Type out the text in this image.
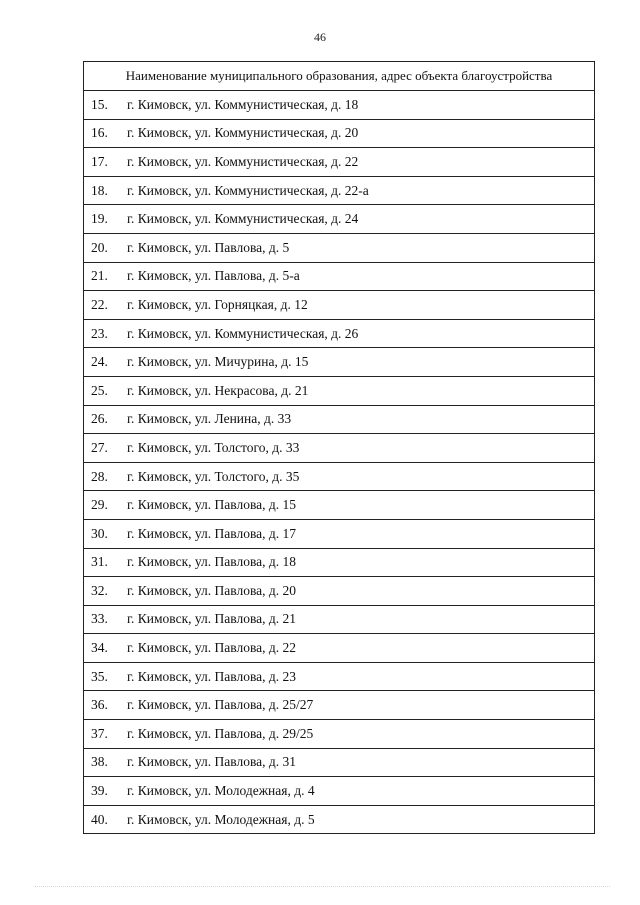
46
Наименование муниципального образования, адрес объекта благоустройства
15.	г. Кимовск, ул. Коммунистическая, д. 18
16.	г. Кимовск, ул. Коммунистическая, д. 20
17.	г. Кимовск, ул. Коммунистическая, д. 22
18.	г. Кимовск, ул. Коммунистическая, д. 22-а
19.	г. Кимовск, ул. Коммунистическая, д. 24
20.	г. Кимовск, ул. Павлова, д. 5
21.	г. Кимовск, ул. Павлова, д. 5-а
22.	г. Кимовск, ул. Горняцкая, д. 12
23.	г. Кимовск, ул. Коммунистическая, д. 26
24.	г. Кимовск, ул. Мичурина, д. 15
25.	г. Кимовск, ул. Некрасова, д. 21
26.	г. Кимовск, ул. Ленина, д. 33
27.	г. Кимовск, ул. Толстого, д. 33
28.	г. Кимовск, ул. Толстого, д. 35
29.	г. Кимовск, ул. Павлова, д. 15
30.	г. Кимовск, ул. Павлова, д. 17
31.	г. Кимовск, ул. Павлова, д. 18
32.	г. Кимовск, ул. Павлова, д. 20
33.	г. Кимовск, ул. Павлова, д. 21
34.	г. Кимовск, ул. Павлова, д. 22
35.	г. Кимовск, ул. Павлова, д. 23
36.	г. Кимовск, ул. Павлова, д. 25/27
37.	г. Кимовск, ул. Павлова, д. 29/25
38.	г. Кимовск, ул. Павлова, д. 31
39.	г. Кимовск, ул. Молодежная, д. 4
40.	г. Кимовск, ул. Молодежная, д. 5
